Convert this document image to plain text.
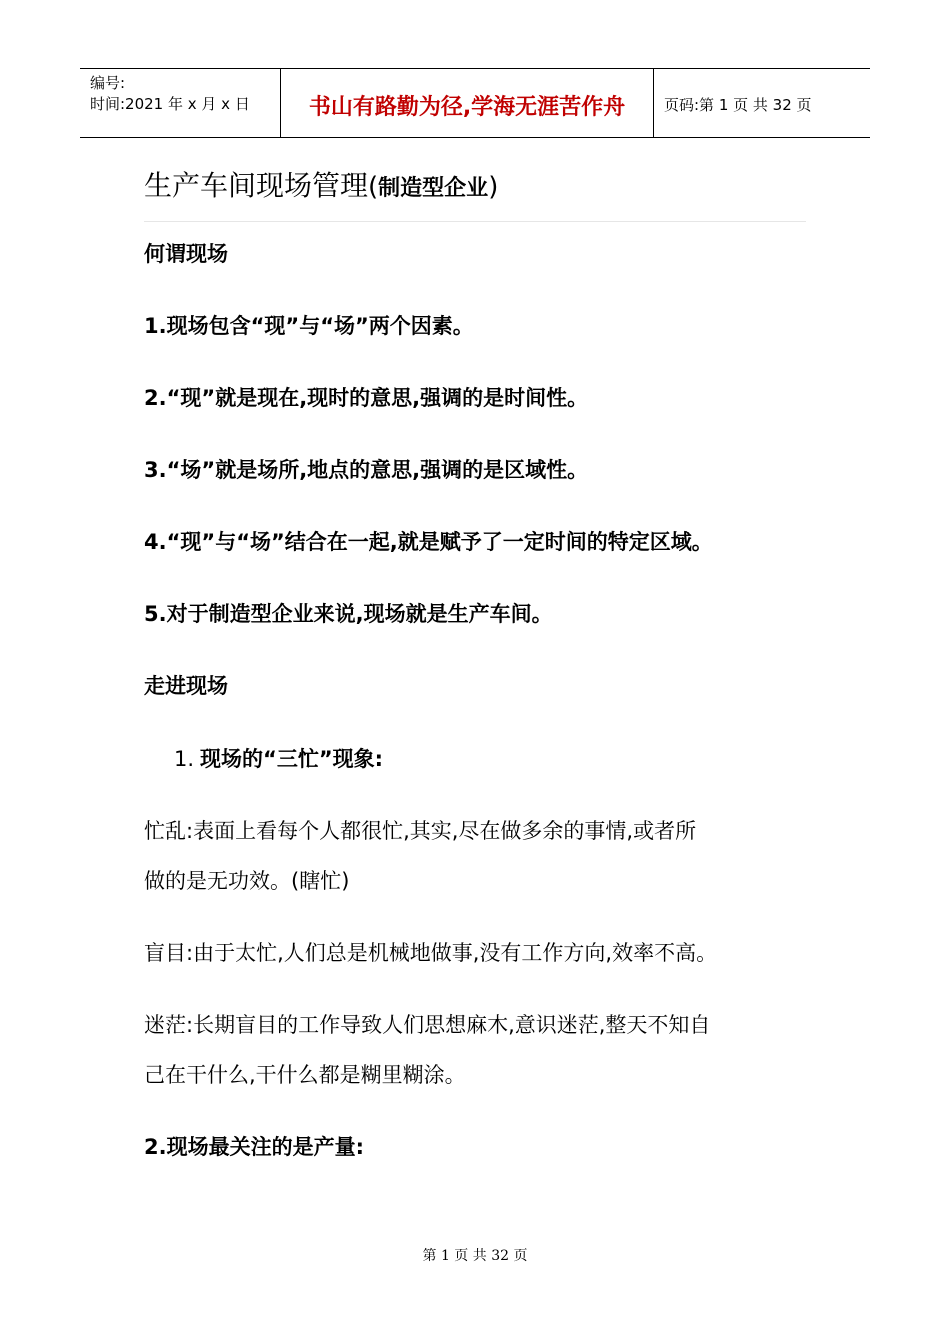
编号:
时间:2021 年 x 月 x 日	书山有路勤为径,学海无涯苦作舟	页码:第 1 页 共 32 页
生产车间现场管理(制造型企业)
何谓现场
1.现场包含“现”与“场”两个因素。
2.“现”就是现在,现时的意思,强调的是时间性。
3.“场”就是场所,地点的意思,强调的是区域性。
4.“现”与“场”结合在一起,就是赋予了一定时间的特定区域。
5.对于制造型企业来说,现场就是生产车间。
走进现场
1. 现场的“三忙”现象:
忙乱:表面上看每个人都很忙,其实,尽在做多余的事情,或者所
做的是无功效。(瞎忙)
盲目:由于太忙,人们总是机械地做事,没有工作方向,效率不高。
迷茫:长期盲目的工作导致人们思想麻木,意识迷茫,整天不知自
己在干什么,干什么都是糊里糊涂。
2.现场最关注的是产量:
第 1 页 共 32 页
